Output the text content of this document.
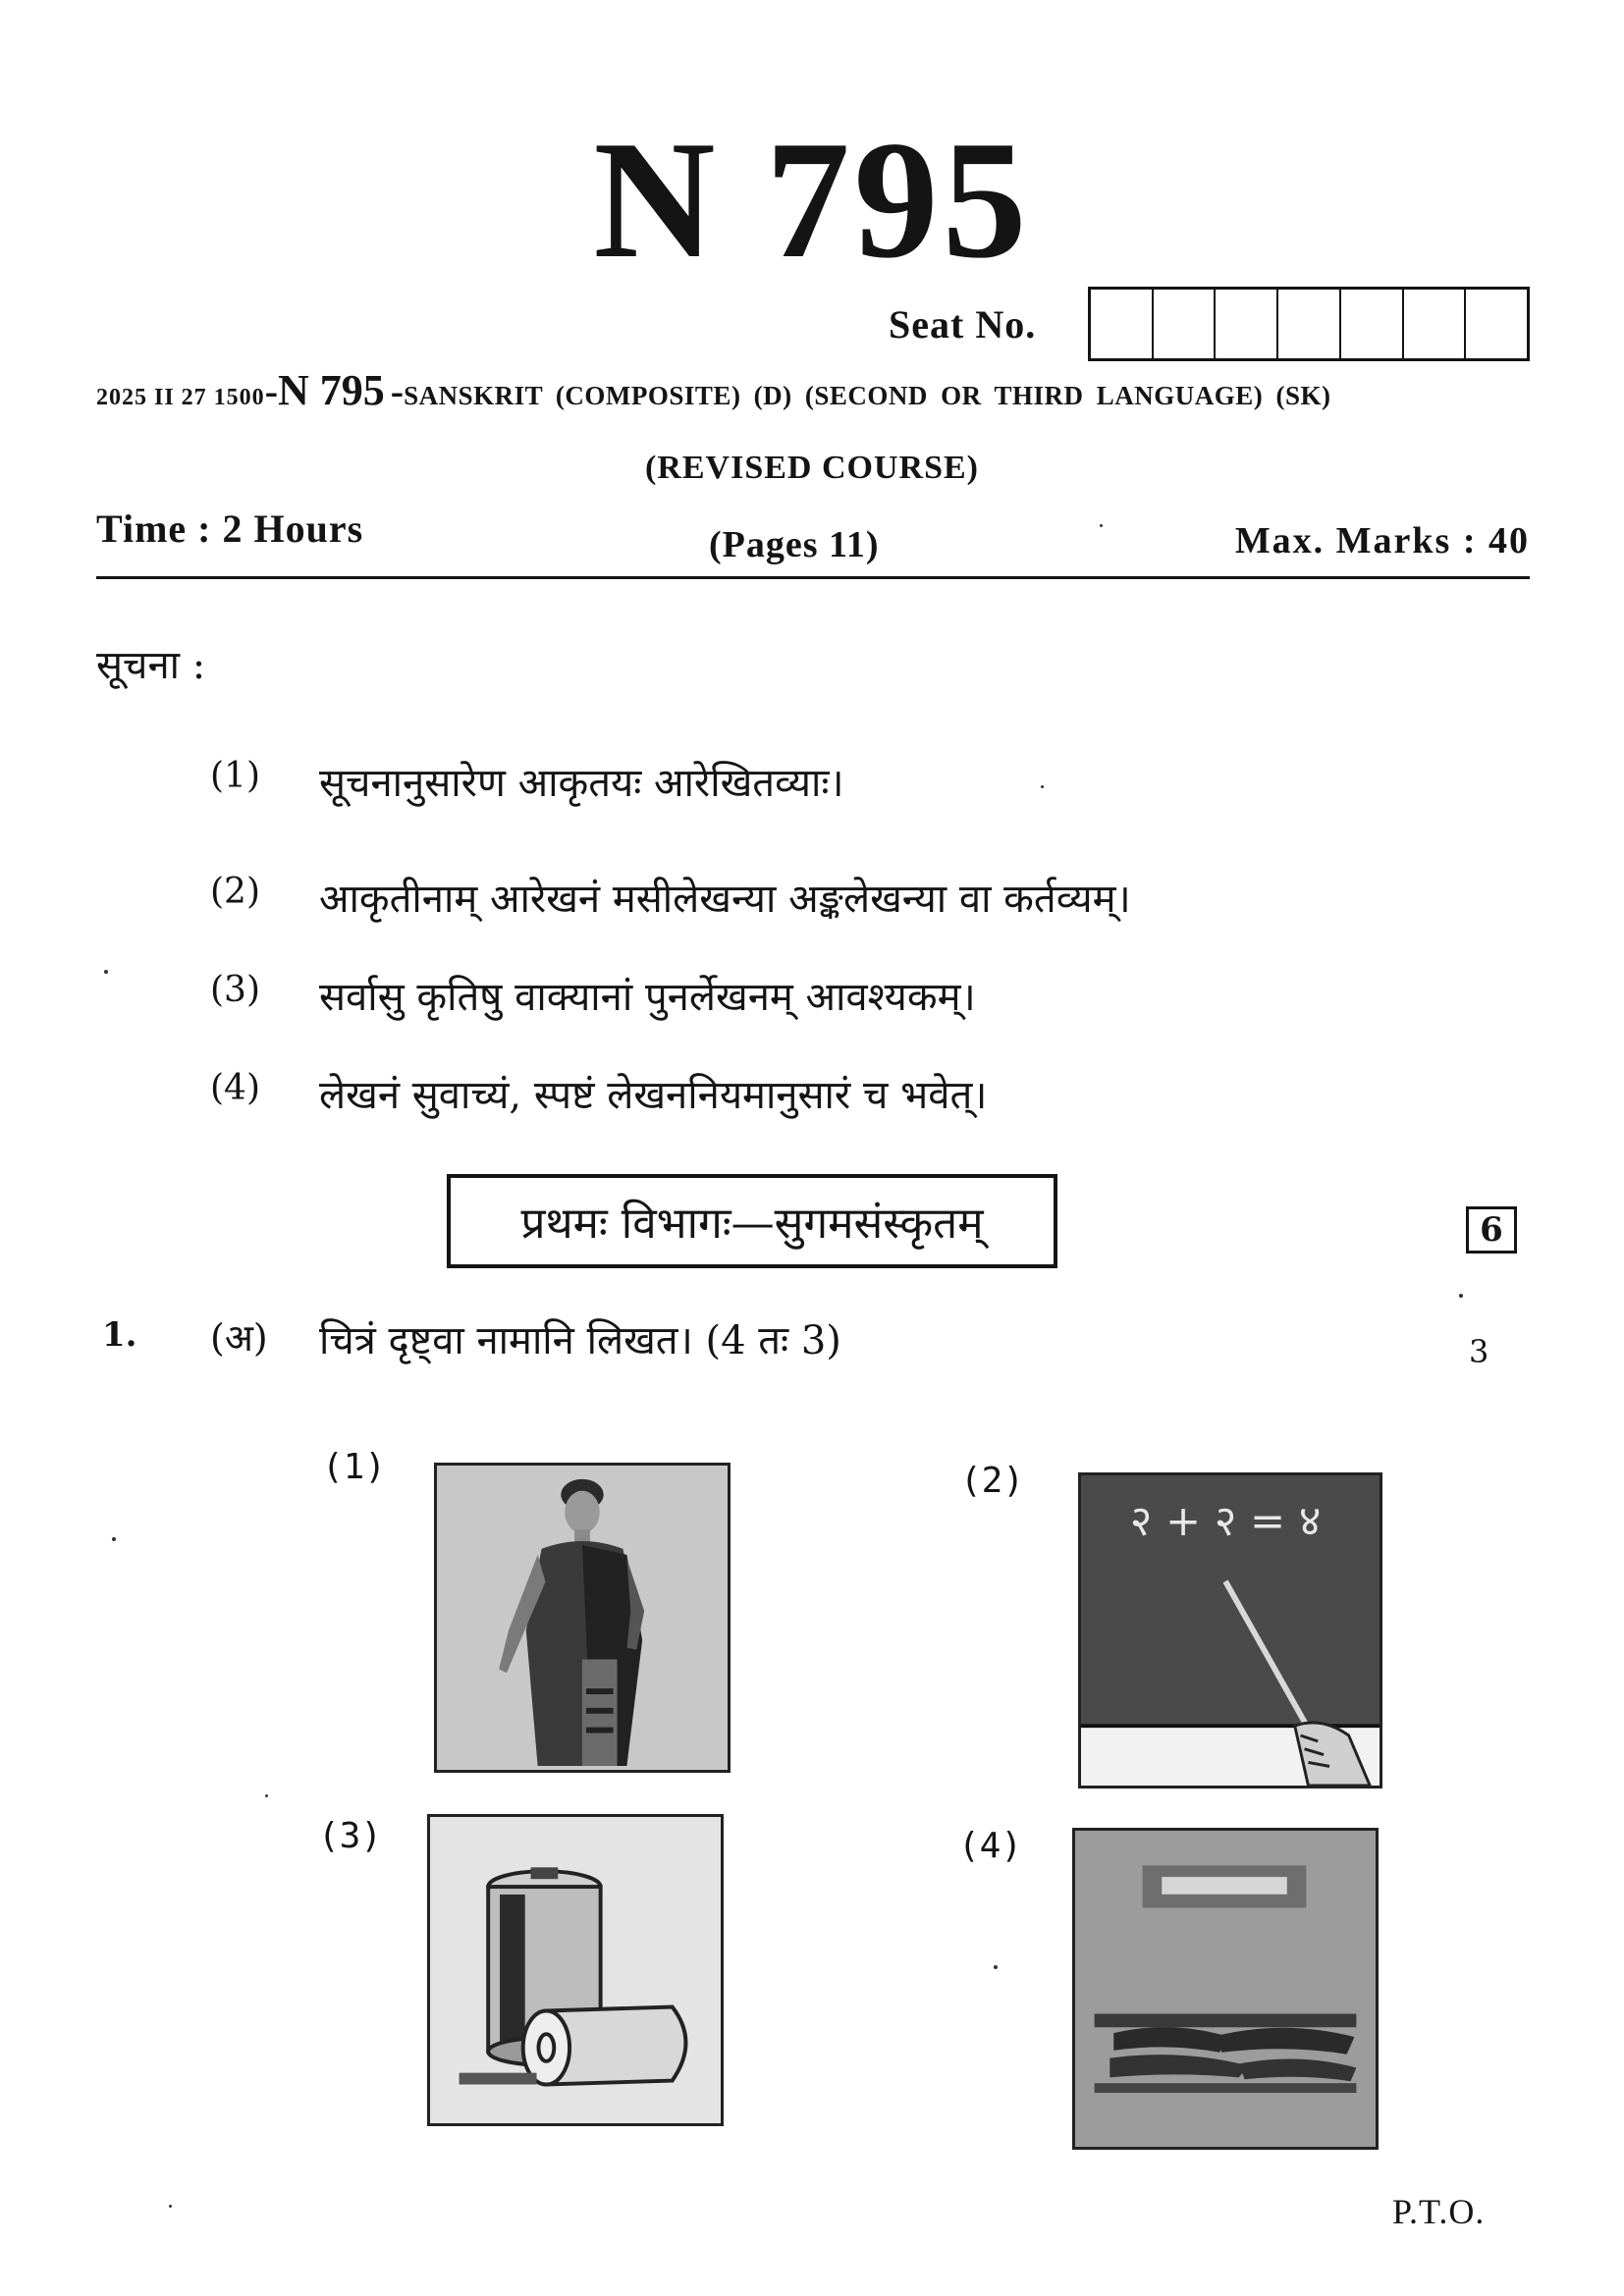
N 795
Seat No.
2025 II 27 1500 - N 795 - SANSKRIT (COMPOSITE) (D) (SECOND OR THIRD LANGUAGE) (SK)
(REVISED COURSE)
Time : 2 Hours	(Pages 11)	Max. Marks : 40
सूचना :
(1) सूचनानुसारेण आकृतयः आरेखितव्याः।
(2) आकृतीनाम् आरेखनं मसीलेखन्या अङ्कलेखन्या वा कर्तव्यम्।
(3) सर्वासु कृतिषु वाक्यानां पुनर्लेखनम् आवश्यकम्।
(4) लेखनं सुवाच्यं, स्पष्टं लेखननियमानुसारं च भवेत्।
प्रथमः विभागः—सुगमसंस्कृतम्	6
1. (अ) चित्रं दृष्ट्वा नामानि लिखत। (4 तः 3)	3
(1)	(2)
२ + २ = ४
(3)	(4)
P.T.O.
